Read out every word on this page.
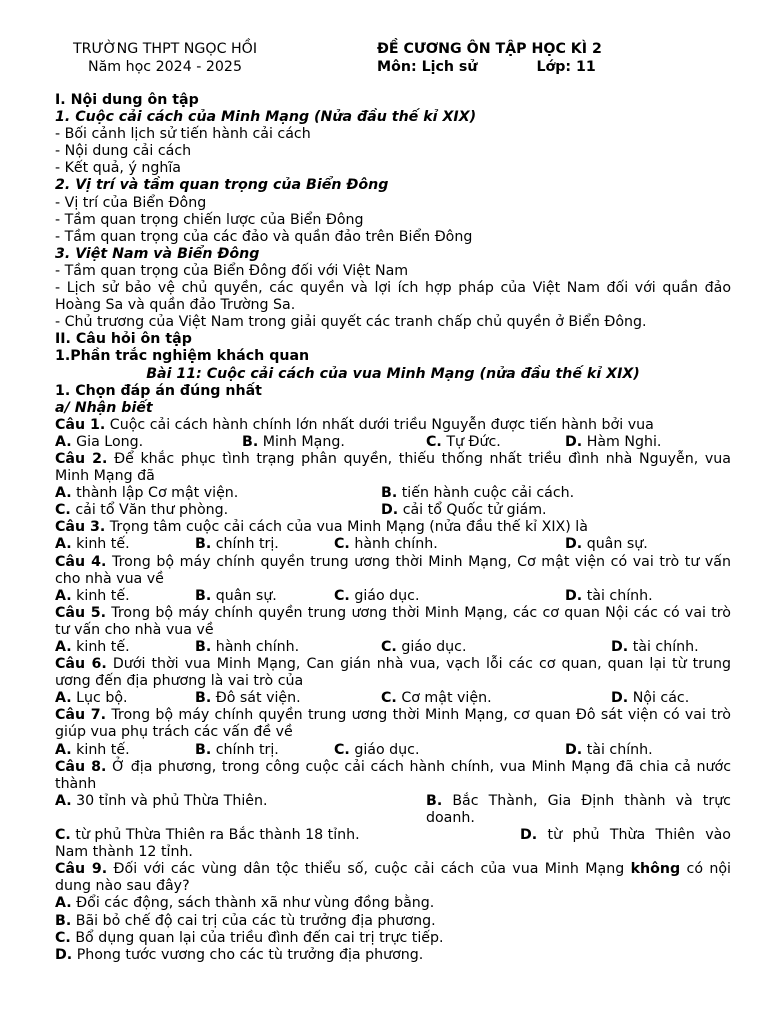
TRƯỜNG THPT NGỌC HỒI
Năm học 2024 - 2025
ĐỀ CƯƠNG ÔN TẬP HỌC KÌ 2
Môn: Lịch sử	Lớp: 11
I. Nội dung ôn tập
1. Cuộc cải cách của Minh Mạng (Nửa đầu thế kỉ XIX)
- Bối cảnh lịch sử tiến hành cải cách
- Nội dung cải cách
- Kết quả, ý nghĩa
2. Vị trí và tầm quan trọng của Biển Đông
- Vị trí của Biển Đông
- Tầm quan trọng chiến lược của Biển Đông
- Tầm quan trọng của các đảo và quần đảo trên Biển Đông
3. Việt Nam và Biển Đông
- Tầm quan trọng của Biển Đông đối với Việt Nam
- Lịch sử bảo vệ chủ quyền, các quyền và lợi ích hợp pháp của Việt Nam đối với quần đảo Hoàng Sa và quần đảo Trường Sa.
- Chủ trương của Việt Nam trong giải quyết các tranh chấp chủ quyền ở Biển Đông.
II. Câu hỏi ôn tập
1.Phần trắc nghiệm khách quan
Bài 11: Cuộc cải cách của vua Minh Mạng (nửa đầu thế kỉ XIX)
1. Chọn đáp án đúng nhất
a/ Nhận biết
Câu 1. Cuộc cải cách hành chính lớn nhất dưới triều Nguyễn được tiến hành bởi vua
A. Gia Long.	B. Minh Mạng.	C. Tự Đức.	D. Hàm Nghi.
Câu 2. Để khắc phục tình trạng phân quyền, thiếu thống nhất triều đình nhà Nguyễn, vua Minh Mạng đã
A. thành lập Cơ mật viện.	B. tiến hành cuộc cải cách.
C. cải tổ Văn thư phòng.	D. cải tổ Quốc tử giám.
Câu 3. Trọng tâm cuộc cải cách của vua Minh Mạng (nửa đầu thế kỉ XIX) là
A. kinh tế.	B. chính trị.	C. hành chính.	D. quân sự.
Câu 4. Trong bộ máy chính quyền trung ương thời Minh Mạng, Cơ mật viện có vai trò tư vấn cho nhà vua về
A. kinh tế.	B. quân sự.	C. giáo dục.	D. tài chính.
Câu 5. Trong bộ máy chính quyền trung ương thời Minh Mạng, các cơ quan Nội các có vai trò tư vấn cho nhà vua về
A. kinh tế.	B. hành chính.	C. giáo dục.	D. tài chính.
Câu 6. Dưới thời vua Minh Mạng, Can gián nhà vua, vạch lỗi các cơ quan, quan lại từ trung ương đến địa phương là vai trò của
A. Lục bộ.	B. Đô sát viện.	C. Cơ mật viện.	D. Nội các.
Câu 7. Trong bộ máy chính quyền trung ương thời Minh Mạng, cơ quan Đô sát viện có vai trò giúp vua phụ trách các vấn đề về
A. kinh tế.	B. chính trị.	C. giáo dục.	D. tài chính.
Câu 8. Ở địa phương, trong công cuộc cải cách hành chính, vua Minh Mạng đã chia cả nước thành
A. 30 tỉnh và phủ Thừa Thiên.	B. Bắc Thành, Gia Định thành và trực doanh.
C. từ phủ Thừa Thiên ra Bắc thành 18 tỉnh.	D. từ phủ Thừa Thiên vào Nam thành 12 tỉnh.
Câu 9. Đối với các vùng dân tộc thiểu số, cuộc cải cách của vua Minh Mạng không có nội dung nào sau đây?
A. Đổi các động, sách thành xã như vùng đồng bằng.
B. Bãi bỏ chế độ cai trị của các tù trưởng địa phương.
C. Bổ dụng quan lại của triều đình đến cai trị trực tiếp.
D. Phong tước vương cho các tù trưởng địa phương.
